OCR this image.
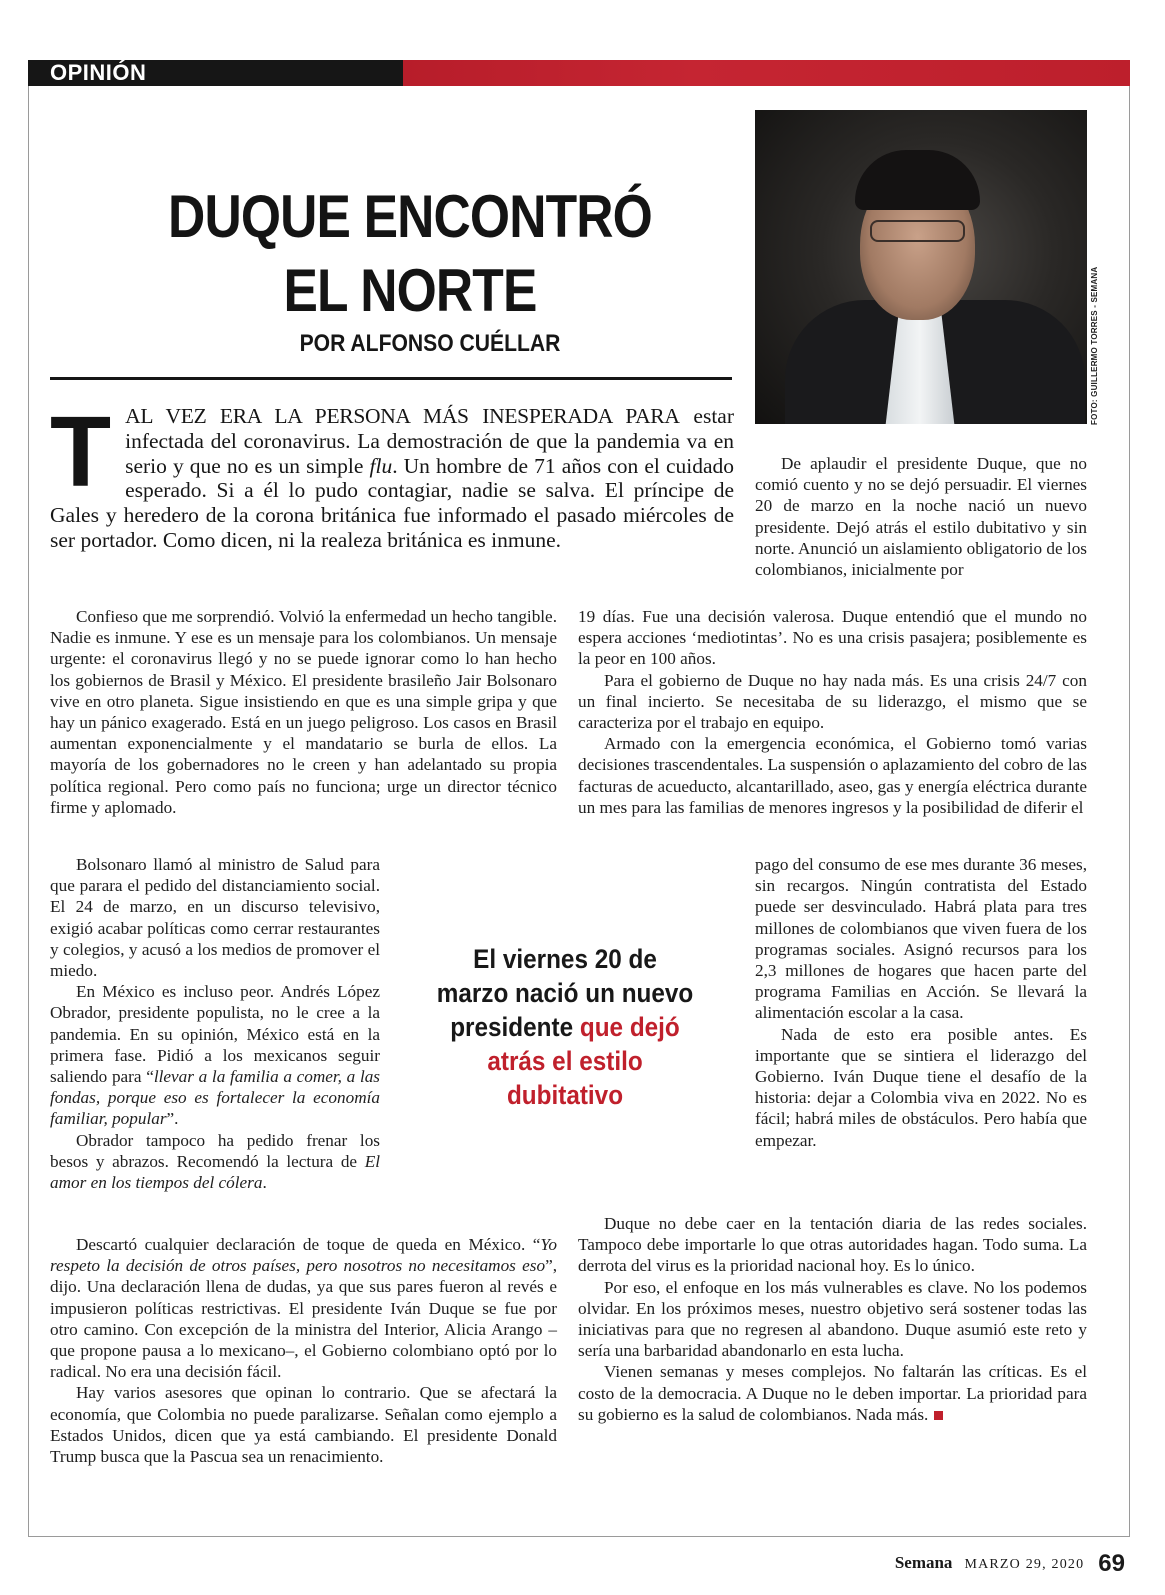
OPINIÓN
DUQUE ENCONTRÓ
EL NORTE
POR ALFONSO CUÉLLAR	FOTO: GUILLERMO TORRES - SEMANA
T AL VEZ ERA LA PERSONA MÁS INESPERADA PARA estar infectada del coronavirus. La demostración de que la pandemia va en serio y que no es un simple flu. Un hombre de 71 años con el cuidado esperado. Si a él lo pudo contagiar, nadie se salva. El príncipe de Gales y heredero de la corona británica fue informado el pasado miércoles de ser portador. Como dicen, ni la realeza británica es inmune.

Confieso que me sorprendió. Volvió la enfermedad un hecho tangible. Nadie es inmune. Y ese es un mensaje para los colombianos. Un mensaje urgente: el coronavirus llegó y no se puede ignorar como lo han hecho los gobiernos de Brasil y México. El presidente brasileño Jair Bolsonaro vive en otro planeta. Sigue insistiendo en que es una simple gripa y que hay un pánico exagerado. Está en un juego peligroso. Los casos en Brasil aumentan exponencialmente y el mandatario se burla de ellos. La mayoría de los gobernadores no le creen y han adelantado su propia política regional. Pero como país no funciona; urge un director técnico firme y aplomado.

Bolsonaro llamó al ministro de Salud para que parara el pedido del distanciamiento social. El 24 de marzo, en un discurso televisivo, exigió acabar políticas como cerrar restaurantes y colegios, y acusó a los medios de promover el miedo.

En México es incluso peor. Andrés López Obrador, presidente populista, no le cree a la pandemia. En su opinión, México está en la primera fase. Pidió a los mexicanos seguir saliendo para “llevar a la familia a comer, a las fondas, porque eso es fortalecer la economía familiar, popular”.

Obrador tampoco ha pedido frenar los besos y abrazos. Recomendó la lectura de El amor en los tiempos del cólera.

Descartó cualquier declaración de toque de queda en México. “Yo respeto la decisión de otros países, pero nosotros no necesitamos eso”, dijo. Una declaración llena de dudas, ya que sus pares fueron al revés e impusieron políticas restrictivas. El presidente Iván Duque se fue por otro camino. Con excepción de la ministra del Interior, Alicia Arango –que propone pausa a lo mexicano–, el Gobierno colombiano optó por lo radical. No era una decisión fácil.

Hay varios asesores que opinan lo contrario. Que se afectará la economía, que Colombia no puede paralizarse. Señalan como ejemplo a Estados Unidos, dicen que ya está cambiando. El presidente Donald Trump busca que la Pascua sea un renacimiento.

El viernes 20 de marzo nació un nuevo presidente que dejó atrás el estilo dubitativo

De aplaudir el presidente Duque, que no comió cuento y no se dejó persuadir. El viernes 20 de marzo en la noche nació un nuevo presidente. Dejó atrás el estilo dubitativo y sin norte. Anunció un aislamiento obligatorio de los colombianos, inicialmente por

19 días. Fue una decisión valerosa. Duque entendió que el mundo no espera acciones ‘mediotintas’. No es una crisis pasajera; posiblemente es la peor en 100 años.

Para el gobierno de Duque no hay nada más. Es una crisis 24/7 con un final incierto. Se necesitaba de su liderazgo, el mismo que se caracteriza por el trabajo en equipo.

Armado con la emergencia económica, el Gobierno tomó varias decisiones trascendentales. La suspensión o aplazamiento del cobro de las facturas de acueducto, alcantarillado, aseo, gas y energía eléctrica durante un mes para las familias de menores ingresos y la posibilidad de diferir el

pago del consumo de ese mes durante 36 meses, sin recargos. Ningún contratista del Estado puede ser desvinculado. Habrá plata para tres millones de colombianos que viven fuera de los programas sociales. Asignó recursos para los 2,3 millones de hogares que hacen parte del programa Familias en Acción. Se llevará la alimentación escolar a la casa.

Nada de esto era posible antes. Es importante que se sintiera el liderazgo del Gobierno. Iván Duque tiene el desafío de la historia: dejar a Colombia viva en 2022. No es fácil; habrá miles de obstáculos. Pero había que empezar.

Duque no debe caer en la tentación diaria de las redes sociales. Tampoco debe importarle lo que otras autoridades hagan. Todo suma. La derrota del virus es la prioridad nacional hoy. Es lo único.

Por eso, el enfoque en los más vulnerables es clave. No los podemos olvidar. En los próximos meses, nuestro objetivo será sostener todas las iniciativas para que no regresen al abandono. Duque asumió este reto y sería una barbaridad abandonarlo en esta lucha.

Vienen semanas y meses complejos. No faltarán las críticas. Es el costo de la democracia. A Duque no le deben importar. La prioridad para su gobierno es la salud de colombianos. Nada más.

Semana MARZO 29, 2020 69
